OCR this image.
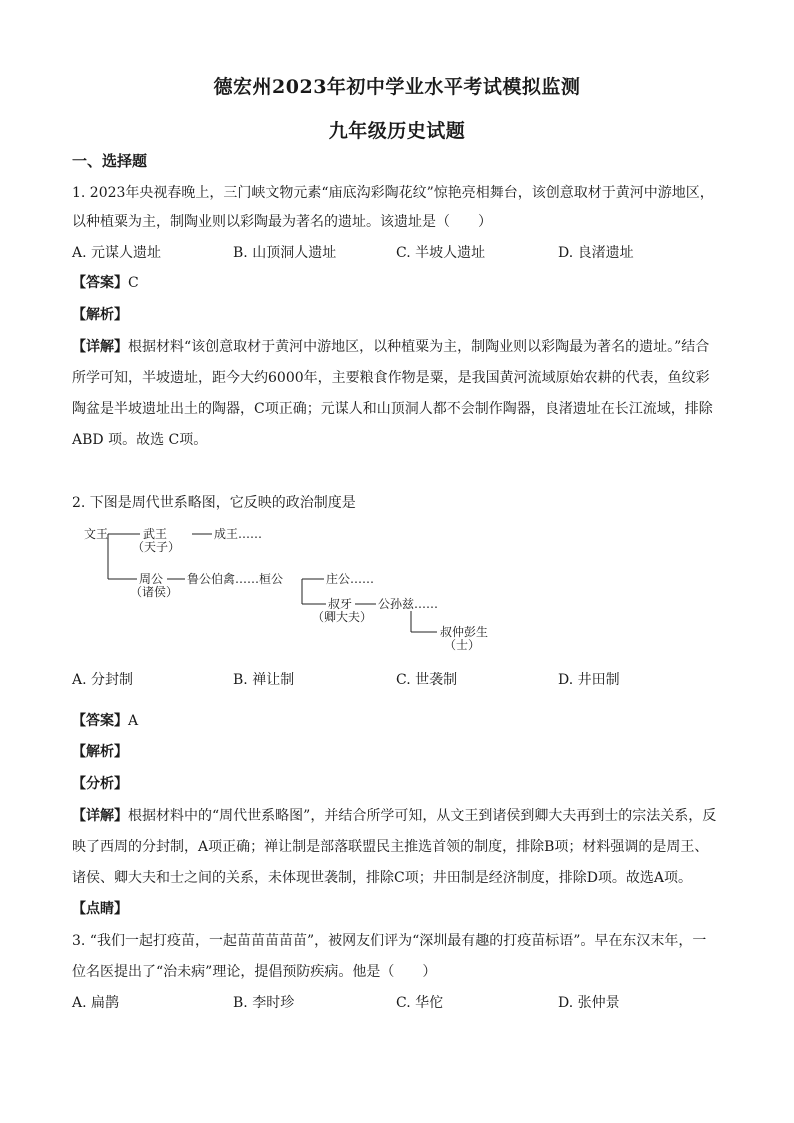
德宏州2023年初中学业水平考试模拟监测
九年级历史试题
一、选择题
1. 2023年央视春晚上，三门峡文物元素“庙底沟彩陶花纹”惊艳亮相舞台，该创意取材于黄河中游地区，
以种植粟为主，制陶业则以彩陶最为著名的遗址。该遗址是（　　）
A. 元谋人遗址	B. 山顶洞人遗址	C. 半坡人遗址	D. 良渚遗址
【答案】C
【解析】
【详解】根据材料“该创意取材于黄河中游地区，以种植粟为主，制陶业则以彩陶最为著名的遗址。”结合
所学可知，半坡遗址，距今大约6000年，主要粮食作物是粟，是我国黄河流域原始农耕的代表，鱼纹彩
陶盆是半坡遗址出土的陶器，C项正确；元谋人和山顶洞人都不会制作陶器，良渚遗址在长江流域，排除
ABD 项。故选 C项。
2. 下图是周代世系略图，它反映的政治制度是
文王	武王	成王……
（天子）
周公 鲁公伯禽……桓公
（诸侯）
庄公……
叔牙 公孙兹……
（卿大夫）
叔仲彭生
（士）
A. 分封制	B. 禅让制	C. 世袭制	D. 井田制
【答案】A
【解析】
【分析】
【详解】根据材料中的“周代世系略图”，并结合所学可知，从文王到诸侯到卿大夫再到士的宗法关系，反
映了西周的分封制，A项正确；禅让制是部落联盟民主推选首领的制度，排除B项；材料强调的是周王、
诸侯、卿大夫和士之间的关系，未体现世袭制，排除C项；井田制是经济制度，排除D项。故选A项。
【点睛】
3. “我们一起打疫苗，一起苗苗苗苗苗”，被网友们评为“深圳最有趣的打疫苗标语”。早在东汉末年，一
位名医提出了“治未病”理论，提倡预防疾病。他是（　　）
A. 扁鹊	B. 李时珍	C. 华佗	D. 张仲景
